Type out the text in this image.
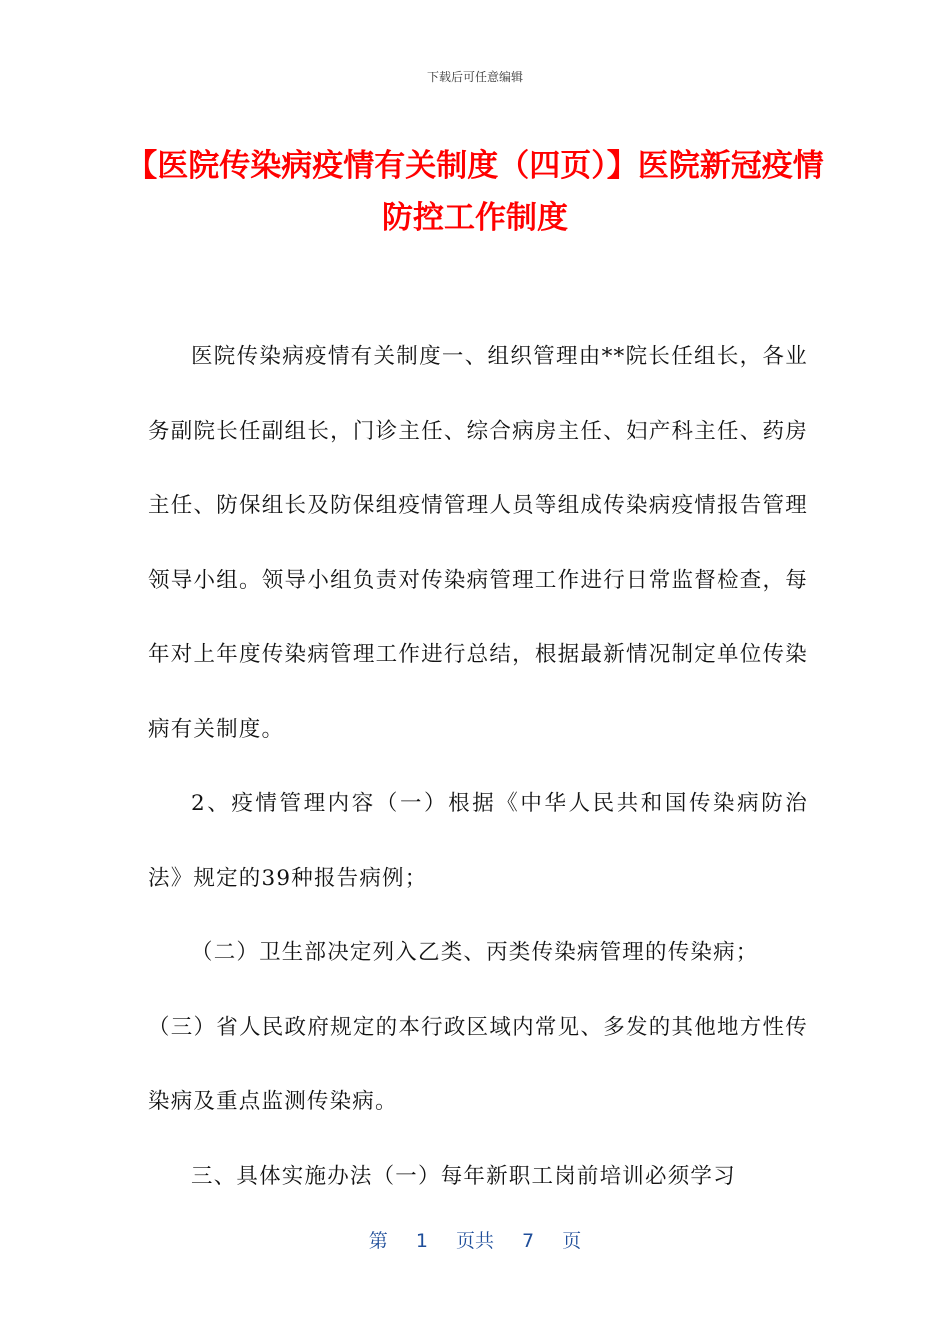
下载后可任意编辑
【医院传染病疫情有关制度（四页）】医院新冠疫情防控工作制度

医院传染病疫情有关制度一、组织管理由**院长任组长，各业务副院长任副组长，门诊主任、综合病房主任、妇产科主任、药房主任、防保组长及防保组疫情管理人员等组成传染病疫情报告管理领导小组。领导小组负责对传染病管理工作进行日常监督检查，每年对上年度传染病管理工作进行总结，根据最新情况制定单位传染病有关制度。

2、疫情管理内容（一）根据《中华人民共和国传染病防治法》规定的39种报告病例；

（二）卫生部决定列入乙类、丙类传染病管理的传染病；

（三）省人民政府规定的本行政区域内常见、多发的其他地方性传染病及重点监测传染病。

三、具体实施办法（一）每年新职工岗前培训必须学习

第 1 页共 7 页
